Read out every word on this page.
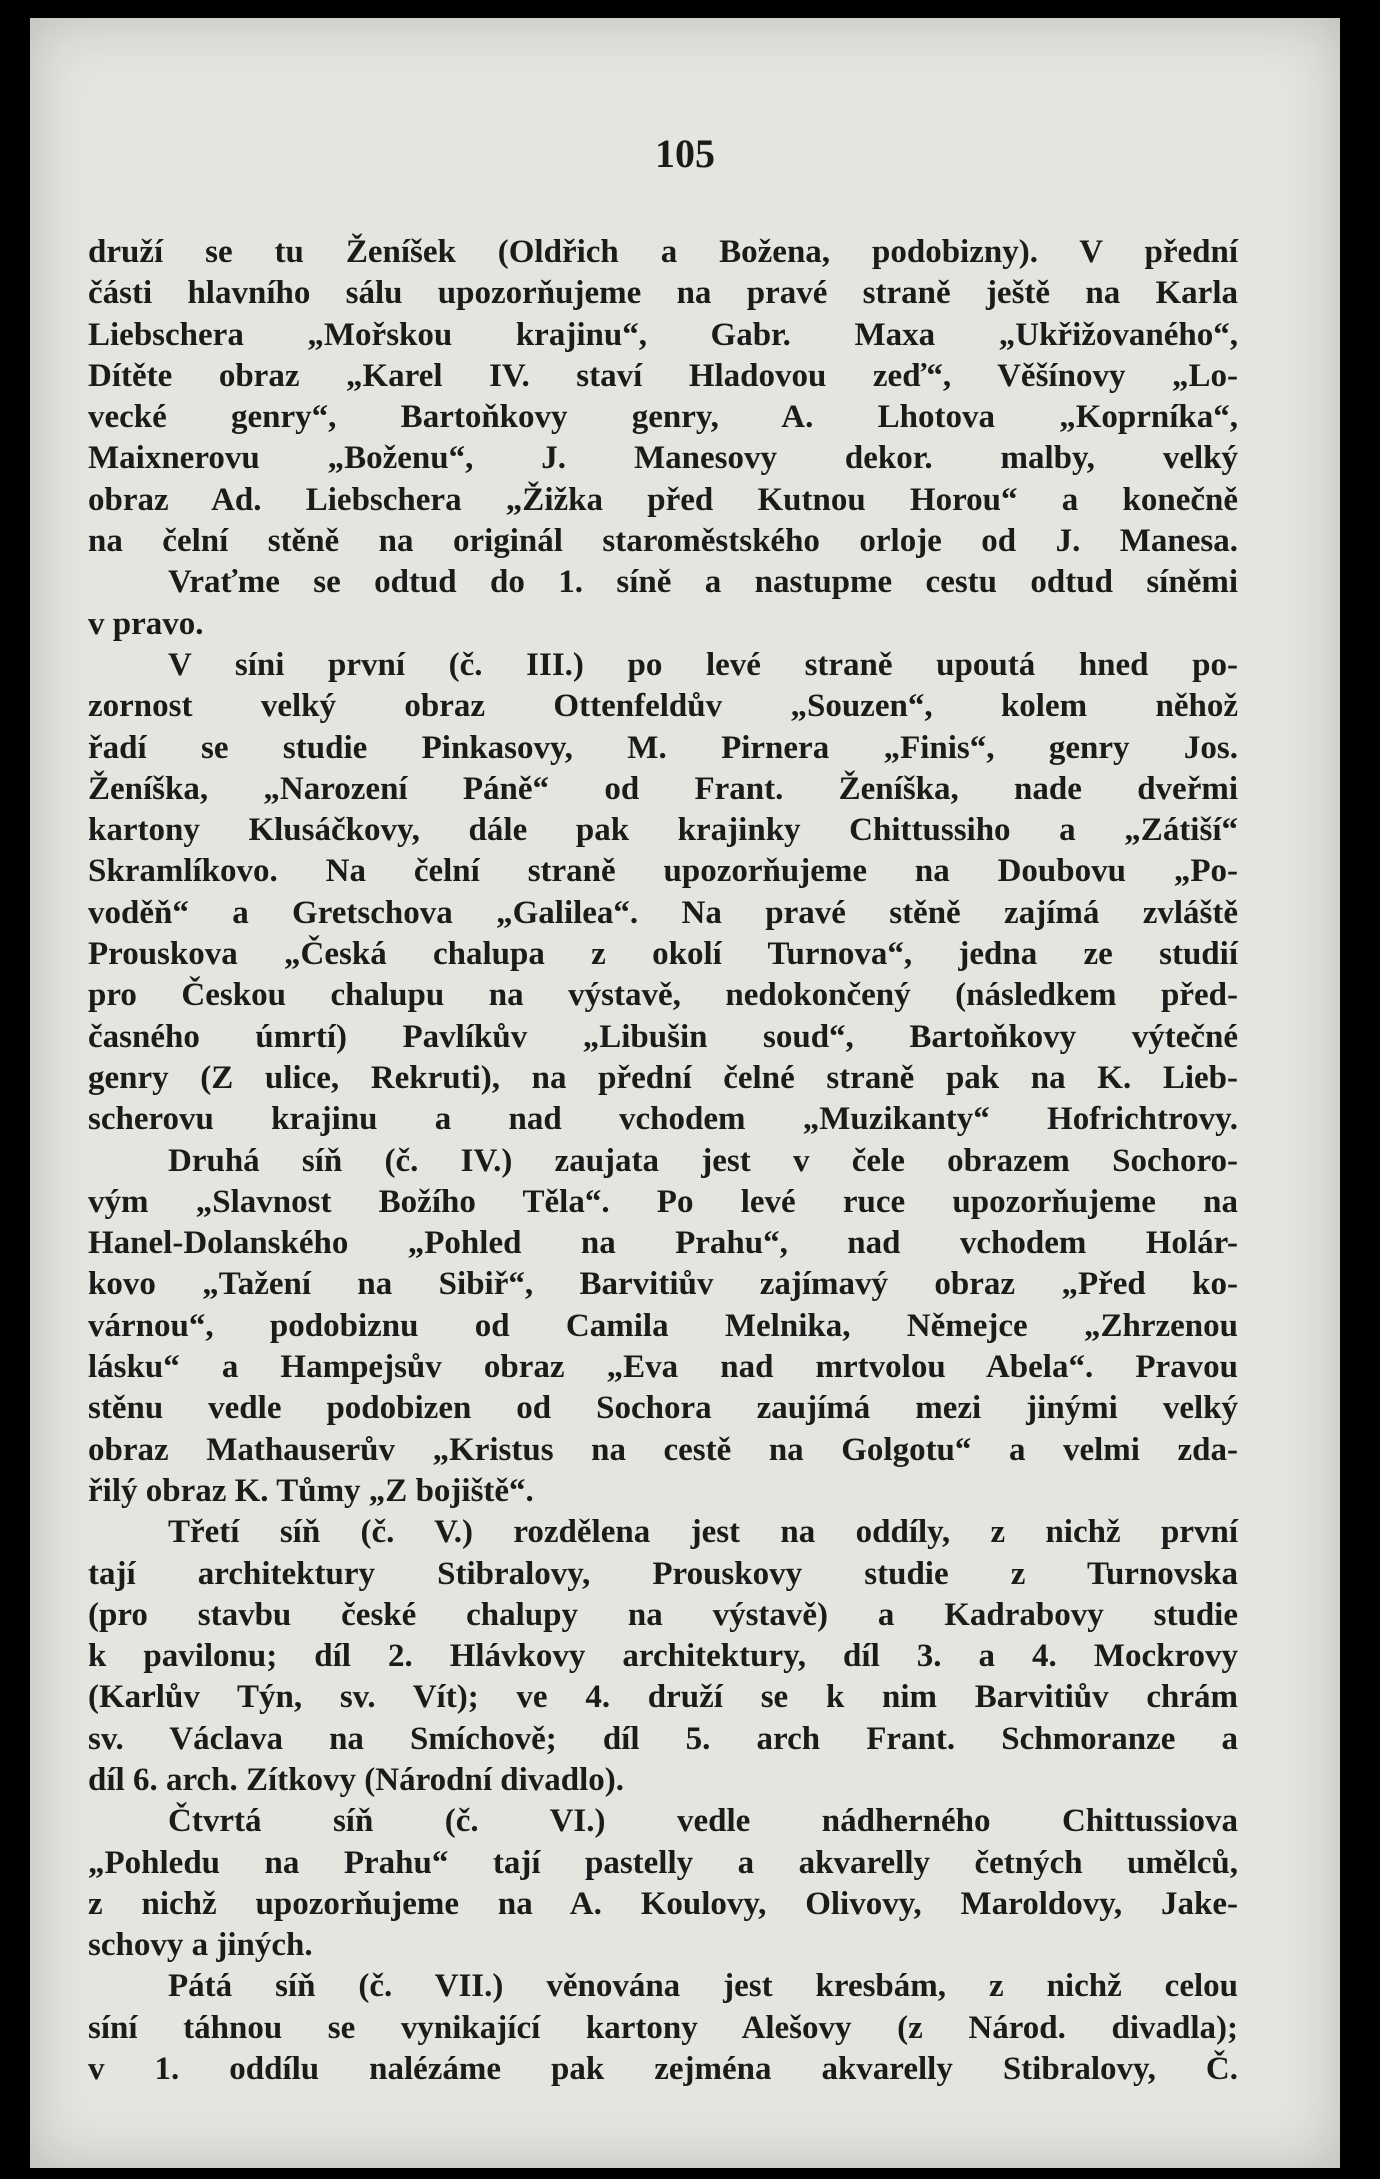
105
druží se tu Ženíšek (Oldřich a Božena, podobizny). V přední
části hlavního sálu upozorňujeme na pravé straně ještě na Karla
Liebschera „Mořskou krajinu“, Gabr. Maxa „Ukřižovaného“,
Dítěte obraz „Karel IV. staví Hladovou zeď“, Věšínovy „Lo-
vecké genry“, Bartoňkovy genry, A. Lhotova „Koprníka“,
Maixnerovu „Boženu“, J. Manesovy dekor. malby, velký
obraz Ad. Liebschera „Žižka před Kutnou Horou“ a konečně
na čelní stěně na originál staroměstského orloje od J. Manesa.
Vraťme se odtud do 1. síně a nastupme cestu odtud síněmi
v pravo.
V síni první (č. III.) po levé straně upoutá hned po-
zornost velký obraz Ottenfeldův „Souzen“, kolem něhož
řadí se studie Pinkasovy, M. Pirnera „Finis“, genry Jos.
Ženíška, „Narození Páně“ od Frant. Ženíška, nade dveřmi
kartony Klusáčkovy, dále pak krajinky Chittussiho a „Zátiší“
Skramlíkovo. Na čelní straně upozorňujeme na Doubovu „Po-
voděň“ a Gretschova „Galilea“. Na pravé stěně zajímá zvláště
Prouskova „Česká chalupa z okolí Turnova“, jedna ze studií
pro Českou chalupu na výstavě, nedokončený (následkem před-
časného úmrtí) Pavlíkův „Libušin soud“, Bartoňkovy výtečné
genry (Z ulice, Rekruti), na přední čelné straně pak na K. Lieb-
scherovu krajinu a nad vchodem „Muzikanty“ Hofrichtrovy.
Druhá síň (č. IV.) zaujata jest v čele obrazem Sochoro-
vým „Slavnost Božího Těla“. Po levé ruce upozorňujeme na
Hanel-Dolanského „Pohled na Prahu“, nad vchodem Holár-
kovo „Tažení na Sibiř“, Barvitiův zajímavý obraz „Před ko-
várnou“, podobiznu od Camila Melnika, Němejce „Zhrzenou
lásku“ a Hampejsův obraz „Eva nad mrtvolou Abela“. Pravou
stěnu vedle podobizen od Sochora zaujímá mezi jinými velký
obraz Mathauserův „Kristus na cestě na Golgotu“ a velmi zda-
řilý obraz K. Tůmy „Z bojiště“.
Třetí síň (č. V.) rozdělena jest na oddíly, z nichž první
tají architektury Stibralovy, Prouskovy studie z Turnovska
(pro stavbu české chalupy na výstavě) a Kadrabovy studie
k pavilonu; díl 2. Hlávkovy architektury, díl 3. a 4. Mockrovy
(Karlův Týn, sv. Vít); ve 4. druží se k nim Barvitiův chrám
sv. Václava na Smíchově; díl 5. arch Frant. Schmoranze a
díl 6. arch. Zítkovy (Národní divadlo).
Čtvrtá síň (č. VI.) vedle nádherného Chittussiova
„Pohledu na Prahu“ tají pastelly a akvarelly četných umělců,
z nichž upozorňujeme na A. Koulovy, Olivovy, Maroldovy, Jake-
schovy a jiných.
Pátá síň (č. VII.) věnována jest kresbám, z nichž celou
síní táhnou se vynikající kartony Alešovy (z Národ. divadla);
v 1. oddílu nalézáme pak zejména akvarelly Stibralovy, Č.
